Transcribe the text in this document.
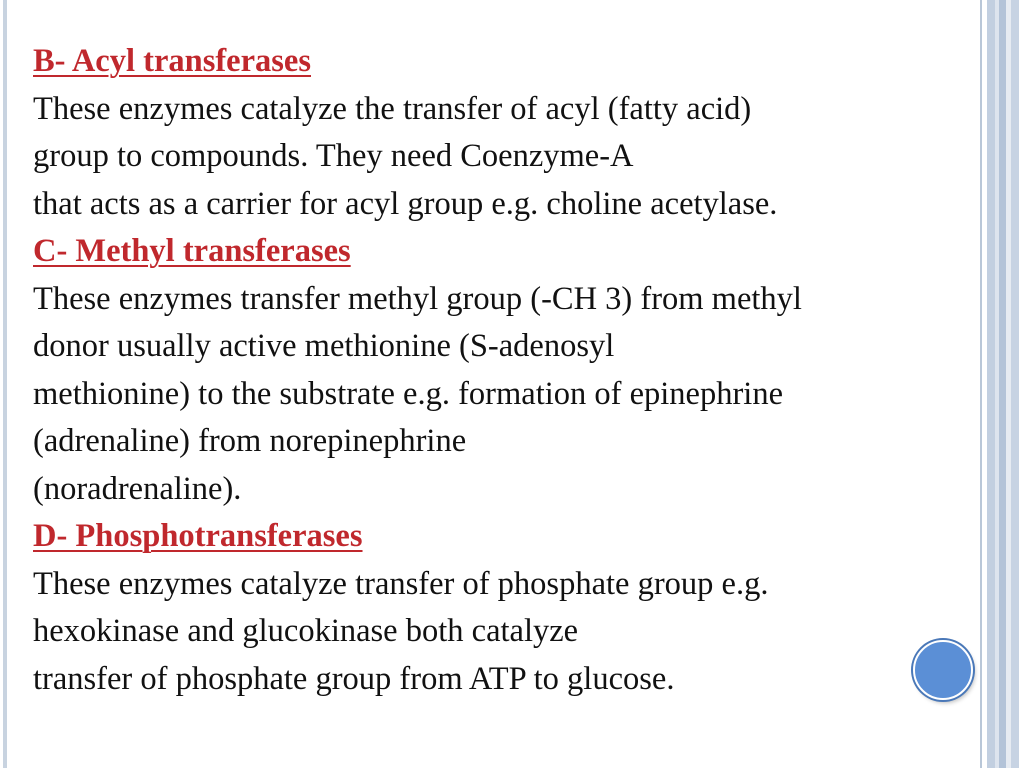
B- Acyl transferases
These enzymes catalyze the transfer of acyl (fatty acid)
group to compounds. They need Coenzyme-A
that acts as a carrier for acyl group e.g. choline acetylase.
C- Methyl transferases
These enzymes transfer methyl group (-CH 3) from methyl
donor usually active methionine (S-adenosyl
methionine) to the substrate e.g. formation of epinephrine
(adrenaline) from norepinephrine
(noradrenaline).
D- Phosphotransferases
These enzymes catalyze transfer of phosphate group e.g.
hexokinase and glucokinase both catalyze
transfer of phosphate group from ATP to glucose.
